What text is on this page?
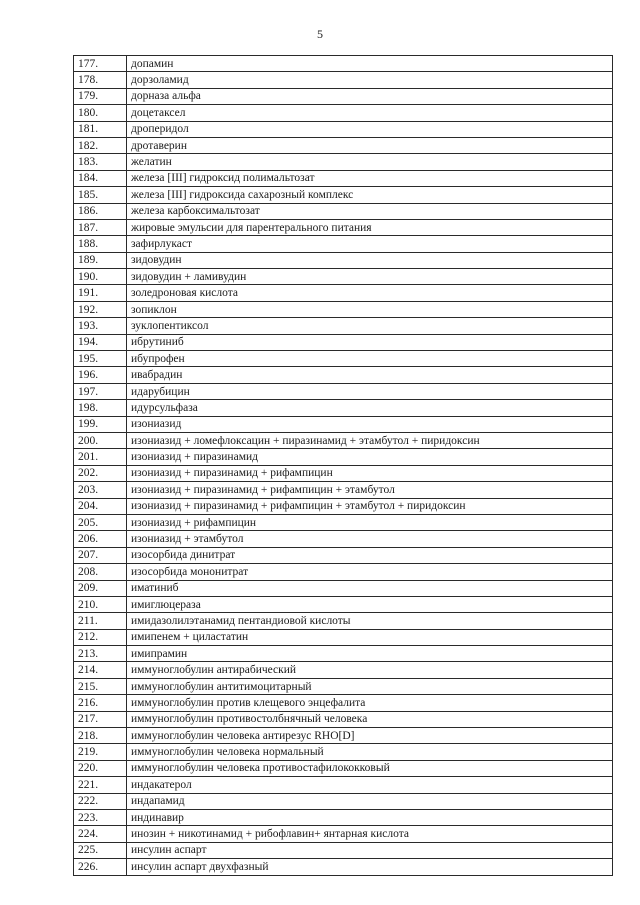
5
177.	допамин
178.	дорзоламид
179.	дорназа альфа
180.	доцетаксел
181.	дроперидол
182.	дротаверин
183.	желатин
184.	железа [III] гидроксид полимальтозат
185.	железа [III] гидроксида сахарозный комплекс
186.	железа карбоксимальтозат
187.	жировые эмульсии для парентерального питания
188.	зафирлукаст
189.	зидовудин
190.	зидовудин + ламивудин
191.	золедроновая кислота
192.	зопиклон
193.	зуклопентиксол
194.	ибрутиниб
195.	ибупрофен
196.	ивабрадин
197.	идарубицин
198.	идурсульфаза
199.	изониазид
200.	изониазид + ломефлоксацин + пиразинамид + этамбутол + пиридоксин
201.	изониазид + пиразинамид
202.	изониазид + пиразинамид + рифампицин
203.	изониазид + пиразинамид + рифампицин + этамбутол
204.	изониазид + пиразинамид + рифампицин + этамбутол + пиридоксин
205.	изониазид + рифампицин
206.	изониазид + этамбутол
207.	изосорбида динитрат
208.	изосорбида мононитрат
209.	иматиниб
210.	имиглюцераза
211.	имидазолилэтанамид пентандиовой кислоты
212.	имипенем + циластатин
213.	имипрамин
214.	иммуноглобулин антирабический
215.	иммуноглобулин антитимоцитарный
216.	иммуноглобулин против клещевого энцефалита
217.	иммуноглобулин противостолбнячный человека
218.	иммуноглобулин человека антирезус RHO[D]
219.	иммуноглобулин человека нормальный
220.	иммуноглобулин человека противостафилококковый
221.	индакатерол
222.	индапамид
223.	индинавир
224.	инозин + никотинамид + рибофлавин+ янтарная кислота
225.	инсулин аспарт
226.	инсулин аспарт двухфазный
